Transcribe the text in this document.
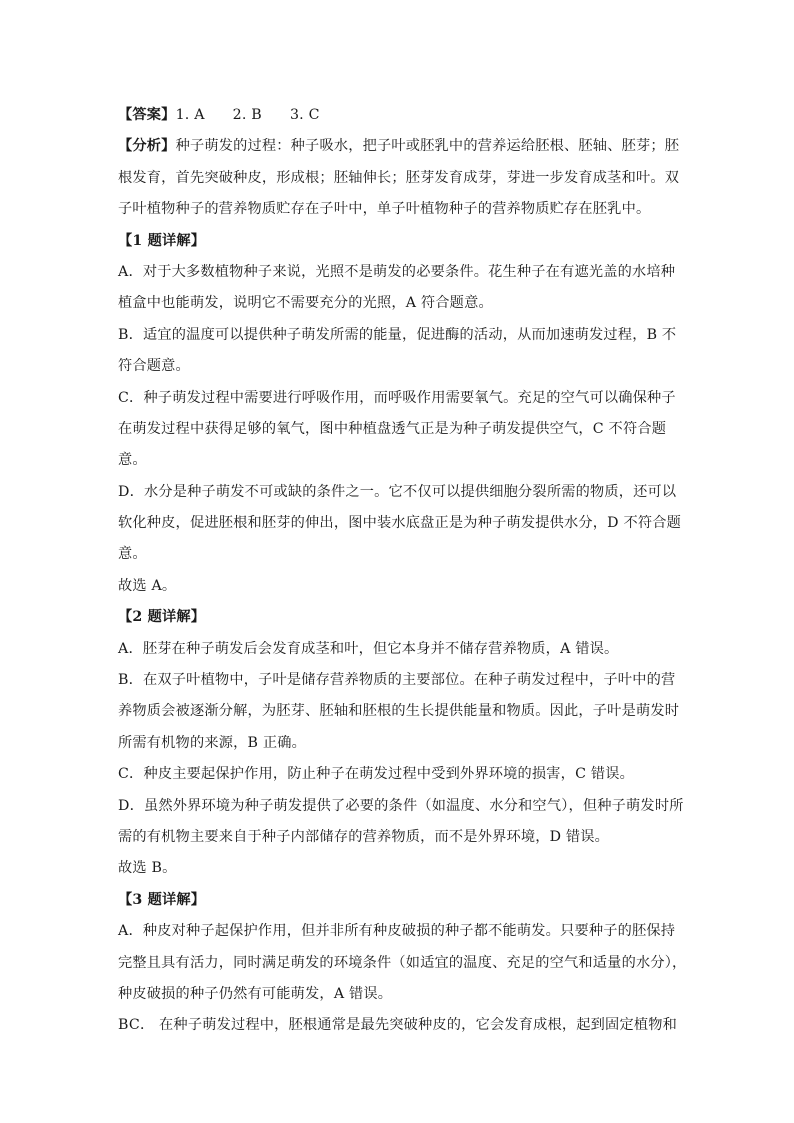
【答案】1. A 2. B 3. C
【分析】种子萌发的过程：种子吸水，把子叶或胚乳中的营养运给胚根、胚轴、胚芽；胚
根发育，首先突破种皮，形成根；胚轴伸长；胚芽发育成芽，芽进一步发育成茎和叶。双
子叶植物种子的营养物质贮存在子叶中，单子叶植物种子的营养物质贮存在胚乳中。
【1 题详解】
A．对于大多数植物种子来说，光照不是萌发的必要条件。花生种子在有遮光盖的水培种
植盒中也能萌发，说明它不需要充分的光照，A 符合题意。
B．适宜的温度可以提供种子萌发所需的能量，促进酶的活动，从而加速萌发过程，B 不
符合题意。
C．种子萌发过程中需要进行呼吸作用，而呼吸作用需要氧气。充足的空气可以确保种子
在萌发过程中获得足够的氧气，图中种植盘透气正是为种子萌发提供空气，C 不符合题
意。
D．水分是种子萌发不可或缺的条件之一。它不仅可以提供细胞分裂所需的物质，还可以
软化种皮，促进胚根和胚芽的伸出，图中装水底盘正是为种子萌发提供水分，D 不符合题
意。
故选 A。
【2 题详解】
A．胚芽在种子萌发后会发育成茎和叶，但它本身并不储存营养物质，A 错误。
B．在双子叶植物中，子叶是储存营养物质的主要部位。在种子萌发过程中，子叶中的营
养物质会被逐渐分解，为胚芽、胚轴和胚根的生长提供能量和物质。因此，子叶是萌发时
所需有机物的来源，B 正确。
C．种皮主要起保护作用，防止种子在萌发过程中受到外界环境的损害，C 错误。
D．虽然外界环境为种子萌发提供了必要的条件（如温度、水分和空气），但种子萌发时所
需的有机物主要来自于种子内部储存的营养物质，而不是外界环境，D 错误。
故选 B。
【3 题详解】
A．种皮对种子起保护作用，但并非所有种皮破损的种子都不能萌发。只要种子的胚保持
完整且具有活力，同时满足萌发的环境条件（如适宜的温度、充足的空气和适量的水分），
种皮破损的种子仍然有可能萌发，A 错误。
BC． 在种子萌发过程中，胚根通常是最先突破种皮的，它会发育成根，起到固定植物和
